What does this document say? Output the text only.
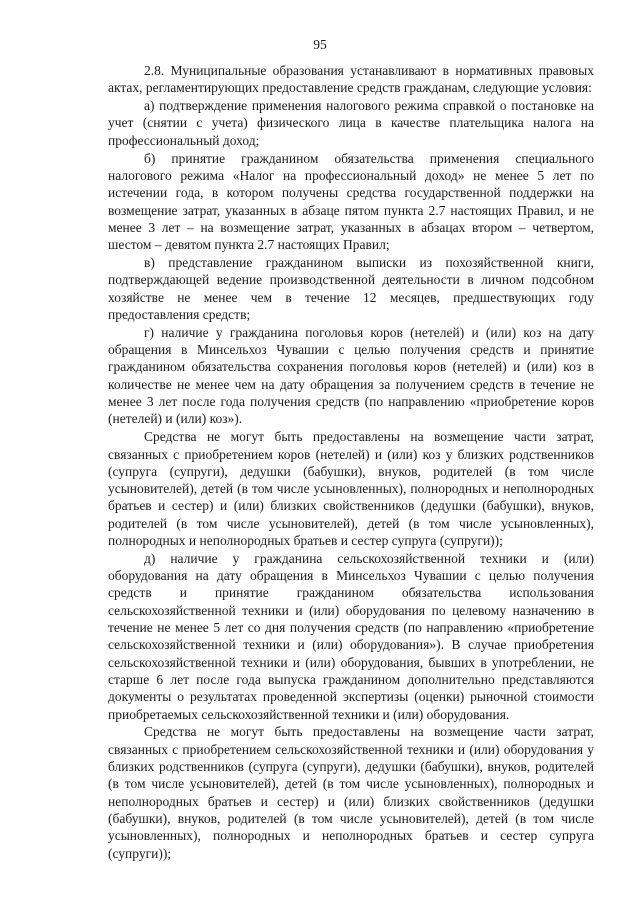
95

2.8. Муниципальные образования устанавливают в нормативных правовых актах, регламентирующих предоставление средств гражданам, следующие условия:

а) подтверждение применения налогового режима справкой о постановке на учет (снятии с учета) физического лица в качестве плательщика налога на профессиональный доход;

б) принятие гражданином обязательства применения специального налогового режима «Налог на профессиональный доход» не менее 5 лет по истечении года, в котором получены средства государственной поддержки на возмещение затрат, указанных в абзаце пятом пункта 2.7 настоящих Правил, и не менее 3 лет – на возмещение затрат, указанных в абзацах втором – четвертом, шестом – девятом пункта 2.7 настоящих Правил;

в) представление гражданином выписки из похозяйственной книги, подтверждающей ведение производственной деятельности в личном подсобном хозяйстве не менее чем в течение 12 месяцев, предшествующих году предоставления средств;

г) наличие у гражданина поголовья коров (нетелей) и (или) коз на дату обращения в Минсельхоз Чувашии с целью получения средств и принятие гражданином обязательства сохранения поголовья коров (нетелей) и (или) коз в количестве не менее чем на дату обращения за получением средств в течение не менее 3 лет после года получения средств (по направлению «приобретение коров (нетелей) и (или) коз»).

Средства не могут быть предоставлены на возмещение части затрат, связанных с приобретением коров (нетелей) и (или) коз у близких родственников (супруга (супруги), дедушки (бабушки), внуков, родителей (в том числе усыновителей), детей (в том числе усыновленных), полнородных и неполнородных братьев и сестер) и (или) близких свойственников (дедушки (бабушки), внуков, родителей (в том числе усыновителей), детей (в том числе усыновленных), полнородных и неполнородных братьев и сестер супруга (супруги));

д) наличие у гражданина сельскохозяйственной техники и (или) оборудования на дату обращения в Минсельхоз Чувашии с целью получения средств и принятие гражданином обязательства использования сельскохозяйственной техники и (или) оборудования по целевому назначению в течение не менее 5 лет со дня получения средств (по направлению «приобретение сельскохозяйственной техники и (или) оборудования»). В случае приобретения сельскохозяйственной техники и (или) оборудования, бывших в употреблении, не старше 6 лет после года выпуска гражданином дополнительно представляются документы о результатах проведенной экспертизы (оценки) рыночной стоимости приобретаемых сельскохозяйственной техники и (или) оборудования.

Средства не могут быть предоставлены на возмещение части затрат, связанных с приобретением сельскохозяйственной техники и (или) оборудования у близких родственников (супруга (супруги), дедушки (бабушки), внуков, родителей (в том числе усыновителей), детей (в том числе усыновленных), полнородных и неполнородных братьев и сестер) и (или) близких свойственников (дедушки (бабушки), внуков, родителей (в том числе усыновителей), детей (в том числе усыновленных), полнородных и неполнородных братьев и сестер супруга (супруги));
